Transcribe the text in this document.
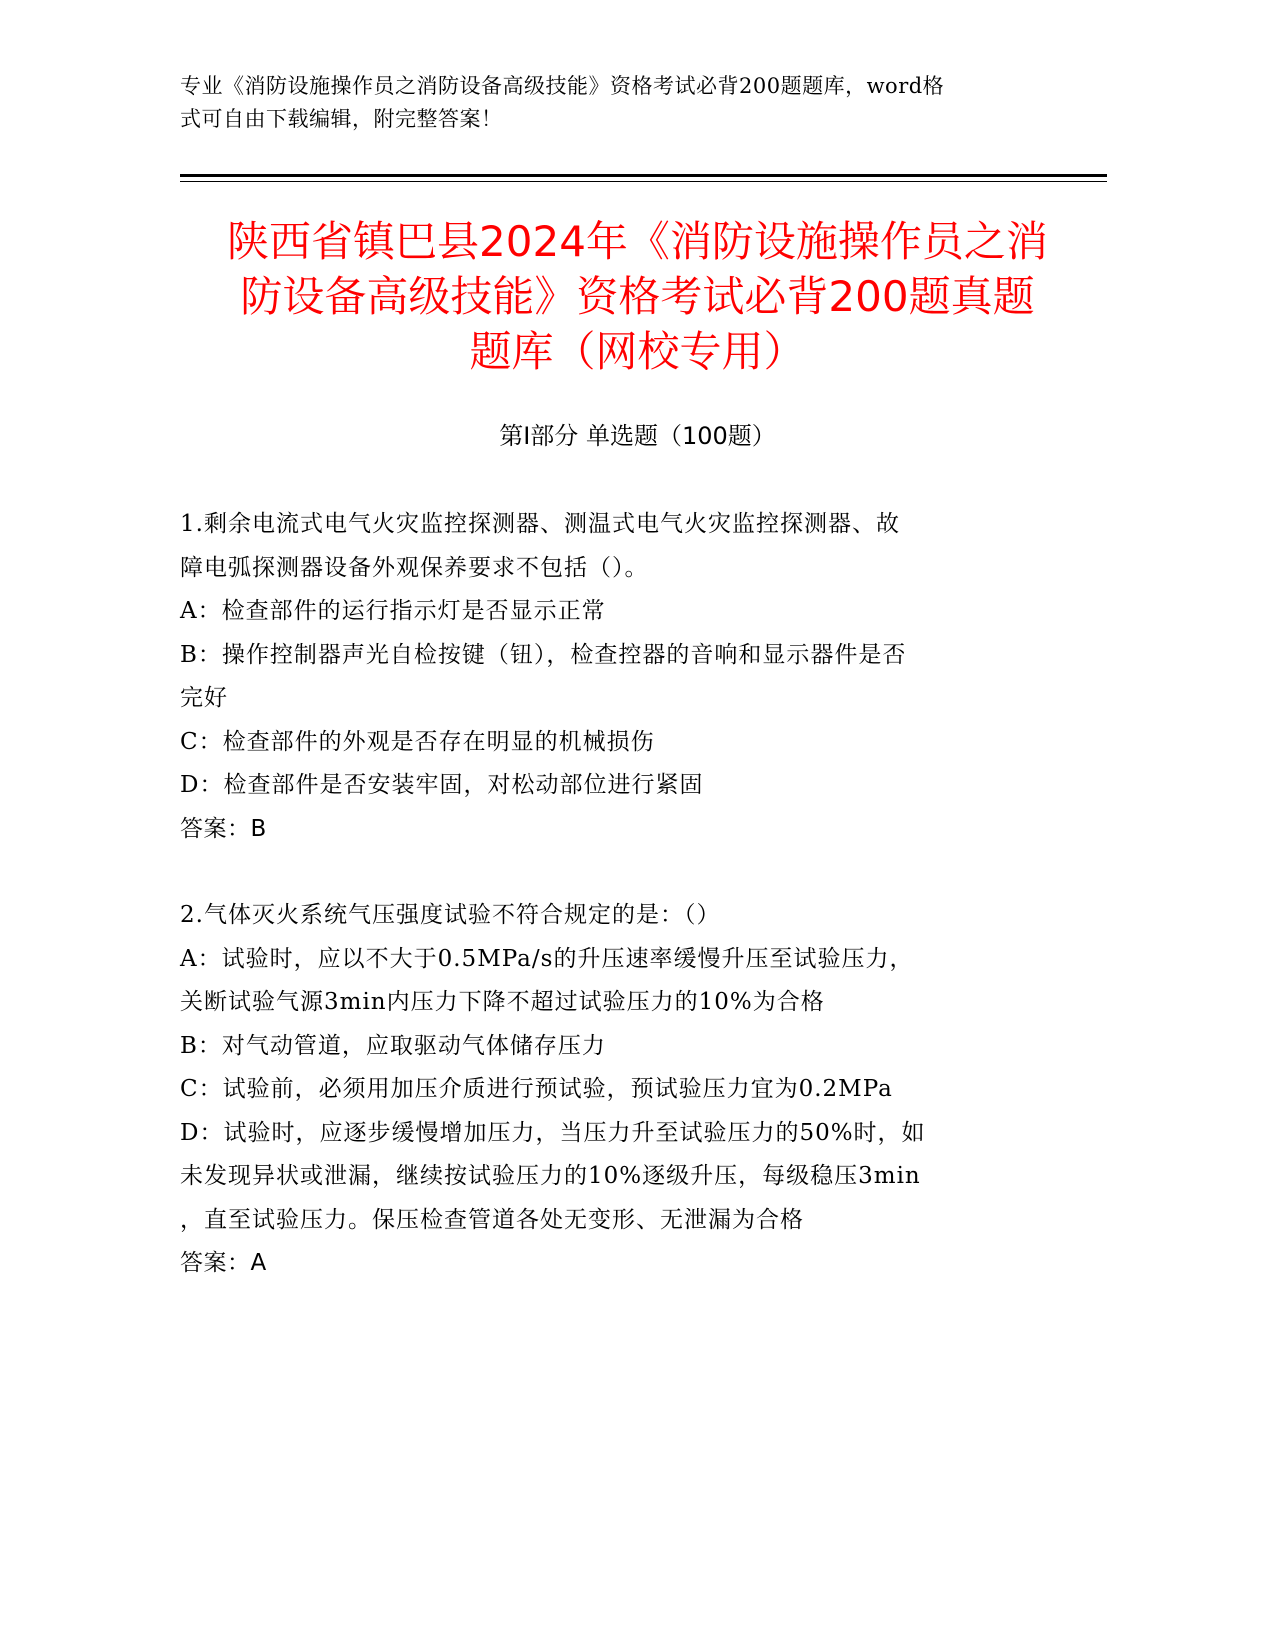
专业《消防设施操作员之消防设备高级技能》资格考试必背200题题库，word格
式可自由下载编辑，附完整答案！
陕西省镇巴县2024年《消防设施操作员之消
防设备高级技能》资格考试必背200题真题
题库（网校专用）
第Ⅰ部分 单选题（100题）
1.剩余电流式电气火灾监控探测器、测温式电气火灾监控探测器、故
障电弧探测器设备外观保养要求不包括（）。
A：检查部件的运行指示灯是否显示正常
B：操作控制器声光自检按键（钮），检查控器的音响和显示器件是否
完好
C：检查部件的外观是否存在明显的机械损伤
D：检查部件是否安装牢固，对松动部位进行紧固
答案：B
2.气体灭火系统气压强度试验不符合规定的是：（）
A：试验时，应以不大于0.5MPa/s的升压速率缓慢升压至试验压力，
关断试验气源3min内压力下降不超过试验压力的10%为合格
B：对气动管道，应取驱动气体储存压力
C：试验前，必须用加压介质进行预试验，预试验压力宜为0.2MPa
D：试验时，应逐步缓慢增加压力，当压力升至试验压力的50%时，如
未发现异状或泄漏，继续按试验压力的10%逐级升压，每级稳压3min
，直至试验压力。保压检查管道各处无变形、无泄漏为合格
答案：A
